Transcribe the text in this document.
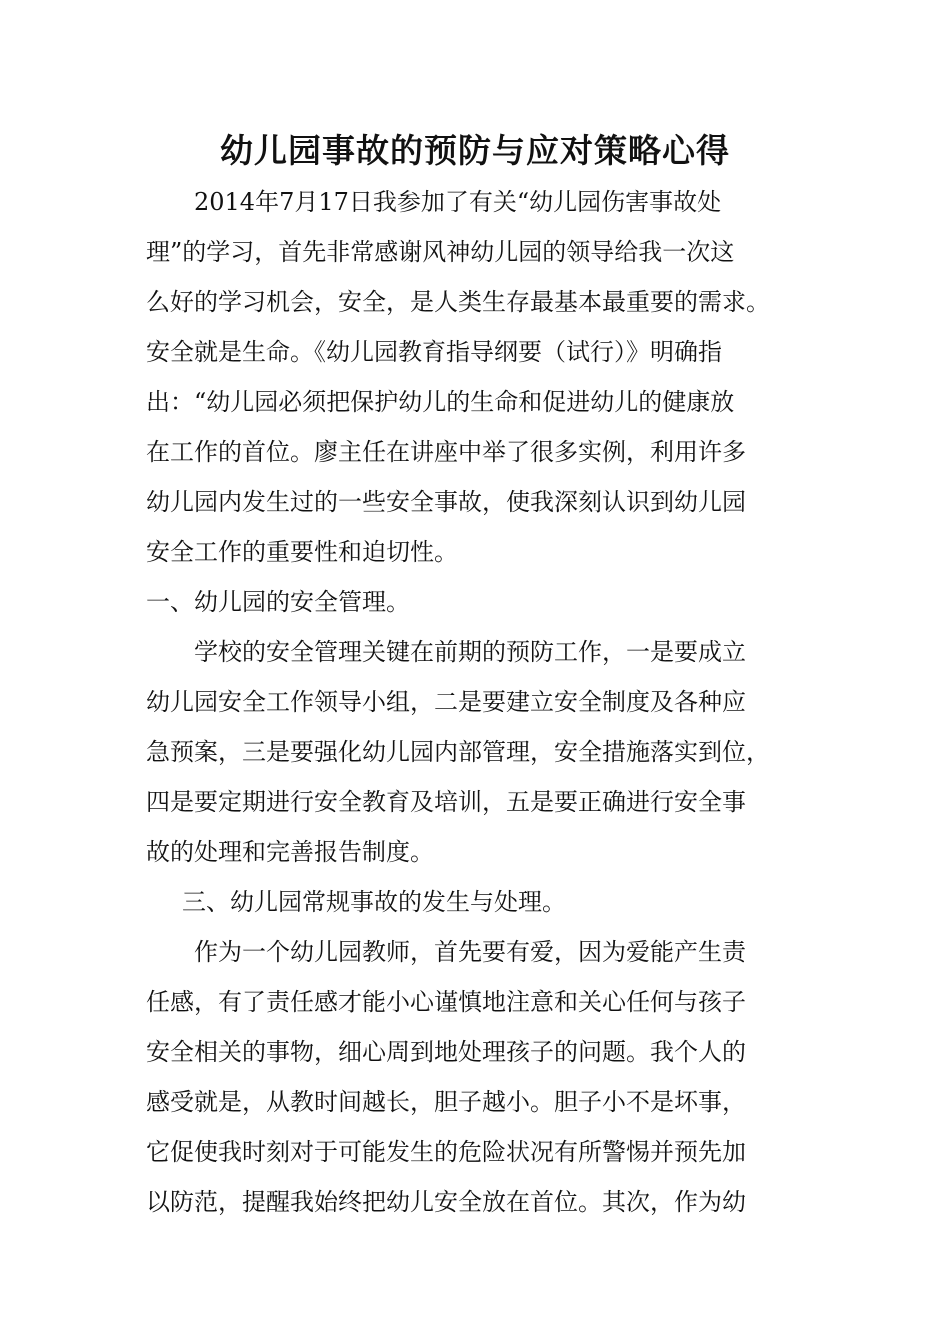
幼儿园事故的预防与应对策略心得
2014年7月17日我参加了有关“幼儿园伤害事故处
理”的学习，首先非常感谢风神幼儿园的领导给我一次这
么好的学习机会，安全，是人类生存最基本最重要的需求。
安全就是生命。《幼儿园教育指导纲要（试行）》明确指
出：“幼儿园必须把保护幼儿的生命和促进幼儿的健康放
在工作的首位。廖主任在讲座中举了很多实例，利用许多
幼儿园内发生过的一些安全事故，使我深刻认识到幼儿园
安全工作的重要性和迫切性。
一、幼儿园的安全管理。
学校的安全管理关键在前期的预防工作，一是要成立
幼儿园安全工作领导小组，二是要建立安全制度及各种应
急预案，三是要强化幼儿园内部管理，安全措施落实到位，
四是要定期进行安全教育及培训，五是要正确进行安全事
故的处理和完善报告制度。
三、幼儿园常规事故的发生与处理。
作为一个幼儿园教师，首先要有爱，因为爱能产生责
任感，有了责任感才能小心谨慎地注意和关心任何与孩子
安全相关的事物，细心周到地处理孩子的问题。我个人的
感受就是，从教时间越长，胆子越小。胆子小不是坏事，
它促使我时刻对于可能发生的危险状况有所警惕并预先加
以防范，提醒我始终把幼儿安全放在首位。其次，作为幼
